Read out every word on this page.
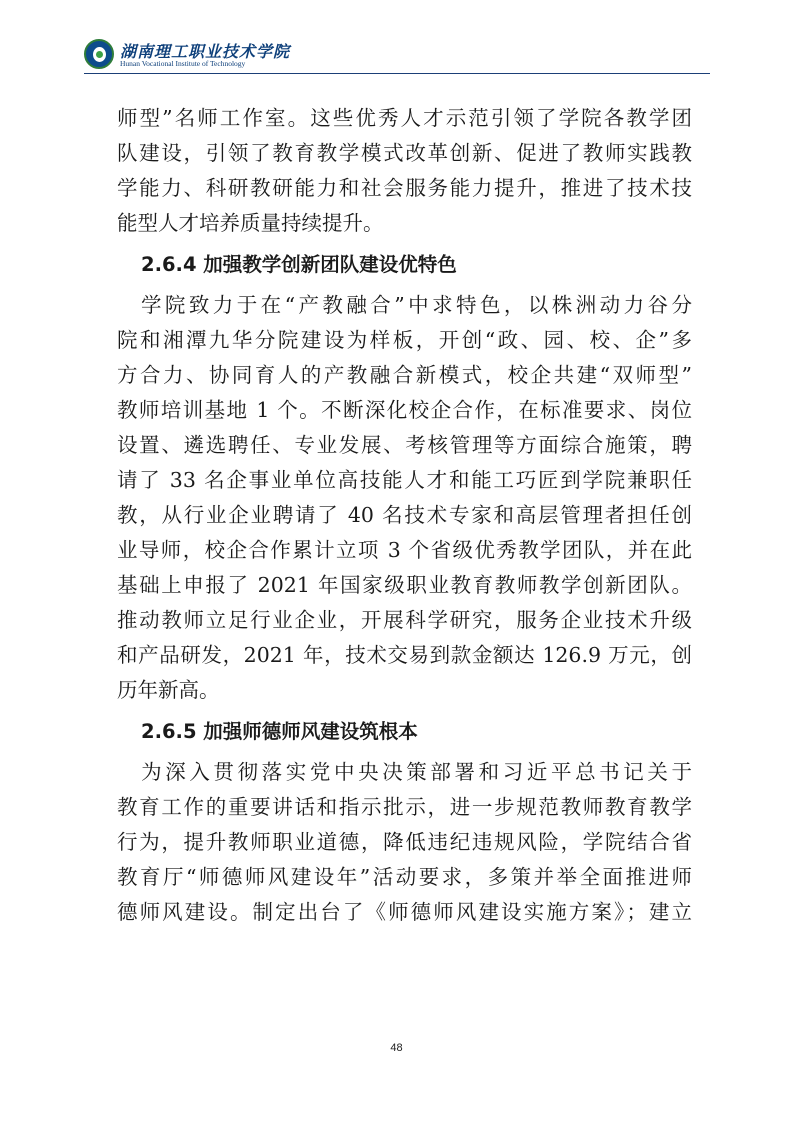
湖南理工职业技术学院
Hunan Vocational Institute of Technology
师型”名师工作室。这些优秀人才示范引领了学院各教学团
队建设，引领了教育教学模式改革创新、促进了教师实践教
学能力、科研教研能力和社会服务能力提升，推进了技术技
能型人才培养质量持续提升。
2.6.4 加强教学创新团队建设优特色
　学院致力于在“产教融合”中求特色，以株洲动力谷分
院和湘潭九华分院建设为样板，开创“政、园、校、企”多
方合力、协同育人的产教融合新模式，校企共建“双师型”
教师培训基地 1 个。不断深化校企合作，在标准要求、岗位
设置、遴选聘任、专业发展、考核管理等方面综合施策，聘
请了 33 名企事业单位高技能人才和能工巧匠到学院兼职任
教，从行业企业聘请了 40 名技术专家和高层管理者担任创
业导师，校企合作累计立项 3 个省级优秀教学团队，并在此
基础上申报了 2021 年国家级职业教育教师教学创新团队。
推动教师立足行业企业，开展科学研究，服务企业技术升级
和产品研发，2021 年，技术交易到款金额达 126.9 万元，创
历年新高。
2.6.5 加强师德师风建设筑根本
　为深入贯彻落实党中央决策部署和习近平总书记关于
教育工作的重要讲话和指示批示，进一步规范教师教育教学
行为，提升教师职业道德，降低违纪违规风险，学院结合省
教育厅“师德师风建设年”活动要求，多策并举全面推进师
德师风建设。制定出台了《师德师风建设实施方案》；建立
48
